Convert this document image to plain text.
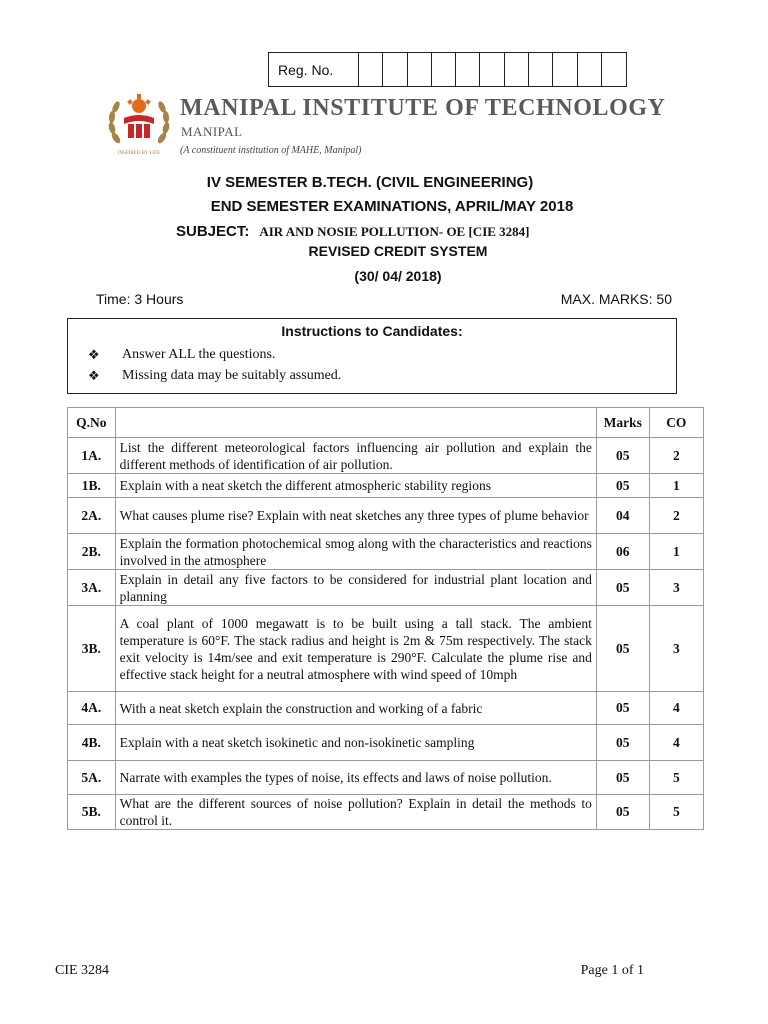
Reg. No.
INSPIRED BY LIFE
MANIPAL INSTITUTE OF TECHNOLOGY
MANIPAL
(A constituent institution of MAHE, Manipal)
IV SEMESTER B.TECH. (CIVIL ENGINEERING)
END SEMESTER EXAMINATIONS, APRIL/MAY 2018
SUBJECT: AIR AND NOSIE POLLUTION- OE [CIE 3284]
REVISED CREDIT SYSTEM
(30/ 04/ 2018)
Time: 3 Hours	MAX. MARKS: 50
Instructions to Candidates:
❖	Answer ALL the questions.
❖	Missing data may be suitably assumed.
Q.No		Marks	CO
1A.	List the different meteorological factors influencing air pollution and explain the different methods of identification of air pollution.	05	2
1B.	Explain with a neat sketch the different atmospheric stability regions	05	1
2A.	What causes plume rise? Explain with neat sketches any three types of plume behavior	04	2
2B.	Explain the formation photochemical smog along with the characteristics and reactions involved in the atmosphere	06	1
3A.	Explain in detail any five factors to be considered for industrial plant location and planning	05	3
3B.	A coal plant of 1000 megawatt is to be built using a tall stack. The ambient temperature is 60°F. The stack radius and height is 2m & 75m respectively. The stack exit velocity is 14m/see and exit temperature is 290°F. Calculate the plume rise and effective stack height for a neutral atmosphere with wind speed of 10mph	05	3
4A.	With a neat sketch explain the construction and working of a fabric	05	4
4B.	Explain with a neat sketch isokinetic and non-isokinetic sampling	05	4
5A.	Narrate with examples the types of noise, its effects and laws of noise pollution.	05	5
5B.	What are the different sources of noise pollution? Explain in detail the methods to control it.	05	5
CIE 3284	Page 1 of 1
